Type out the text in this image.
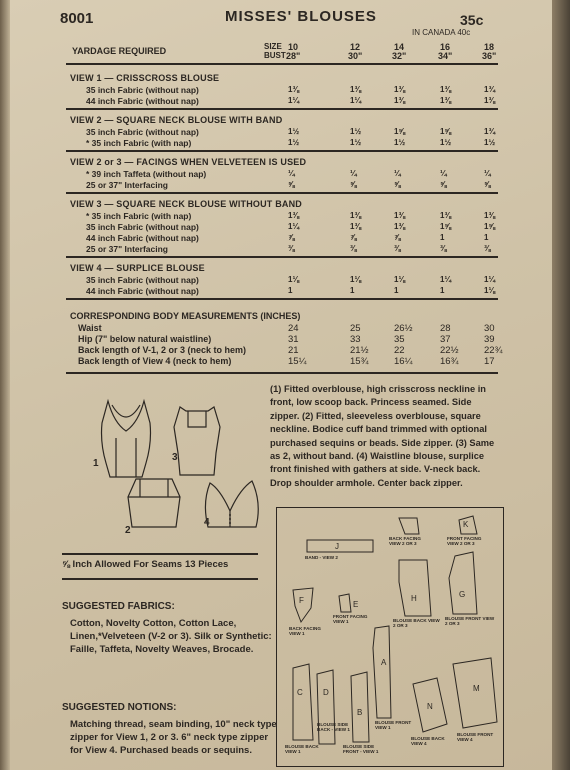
8001	MISSES' BLOUSES	35c
IN CANADA 40c
YARDAGE REQUIRED	SIZE
BUST
CORRESPONDING BODY MEASUREMENTS (INCHES)
1
2
3
4

(1) Fitted overblouse, high crisscross neckline in front, low scoop back. Princess seamed. Side zipper. (2) Fitted, sleeveless overblouse, square neckline. Bodice cuff band trimmed with optional purchased sequins or beads. Side zipper. (3) Same as 2, without band. (4) Waistline blouse, surplice front finished with gathers at side. V-neck back. Drop shoulder armhole. Center back zipper.

⅝ Inch Allowed For Seams 13 Pieces
SUGGESTED FABRICS:

Cotton, Novelty Cotton, Cotton Lace, Linen,*Velveteen (V-2 or 3). Silk or Synthetic: Faille, Taffeta, Novelty Weaves, Brocade.

SUGGESTED NOTIONS:

Matching thread, seam binding, 10" neck type zipper for View 1, 2 or 3. 6" neck type zipper for View 4. Purchased beads or sequins.

J
BAND - VIEW 2
BACK FACING VIEW 2 OR 3
K
FRONT FACING VIEW 2 OR 3
H
BLOUSE BACK VIEW 2 OR 3
G
BLOUSE FRONT VIEW 2 OR 3
F
BACK FACING VIEW 1
E
FRONT FACING VIEW 1
A
BLOUSE FRONT VIEW 1
C
BLOUSE BACK VIEW 1
D
BLOUSE SIDE BACK - VIEW 1
B
BLOUSE SIDE FRONT - VIEW 1
N
BLOUSE BACK VIEW 4
M
BLOUSE FRONT VIEW 4
10	12	14	16	18
28"	30"	32"	34"	36"
VIEW 1 — CRISSCROSS BLOUSE
35 inch Fabric (without nap)	1⅜	1⅜	1⅜	1⅜	1¾
44 inch Fabric (without nap)	1¼	1¼	1⅜	1⅜	1⅜
VIEW 2 — SQUARE NECK BLOUSE WITH BAND
35 inch Fabric (without nap)	1½	1½	1⅝	1⅝	1¾
* 35 inch Fabric (with nap)	1½	1½	1½	1½	1½
VIEW 2 or 3 — FACINGS WHEN VELVETEEN IS USED
* 39 inch Taffeta (without nap)	¼	¼	¼	¼	¼
25 or 37" Interfacing	⅝	⅝	⅝	⅝	⅝
VIEW 3 — SQUARE NECK BLOUSE WITHOUT BAND
* 35 inch Fabric (with nap)	1⅜	1⅜	1⅜	1⅜	1⅜
35 inch Fabric (without nap)	1¼	1⅜	1⅜	1⅝	1⅝
44 inch Fabric (without nap)	⅞	⅞	⅞	1	1
25 or 37" Interfacing	⅜	⅜	⅜	⅜	⅜
VIEW 4 — SURPLICE BLOUSE
35 inch Fabric (without nap)	1⅛	1⅛	1⅛	1¼	1¼
44 inch Fabric (without nap)	1	1	1	1	1⅛
Waist	24	25	26½	28	30
Hip (7" below natural waistline)	31	33	35	37	39
Back length of V-1, 2 or 3 (neck to hem)	21	21½	22	22½	22¾
Back length of View 4 (neck to hem)	15¼	15¾	16¼	16¾	17
